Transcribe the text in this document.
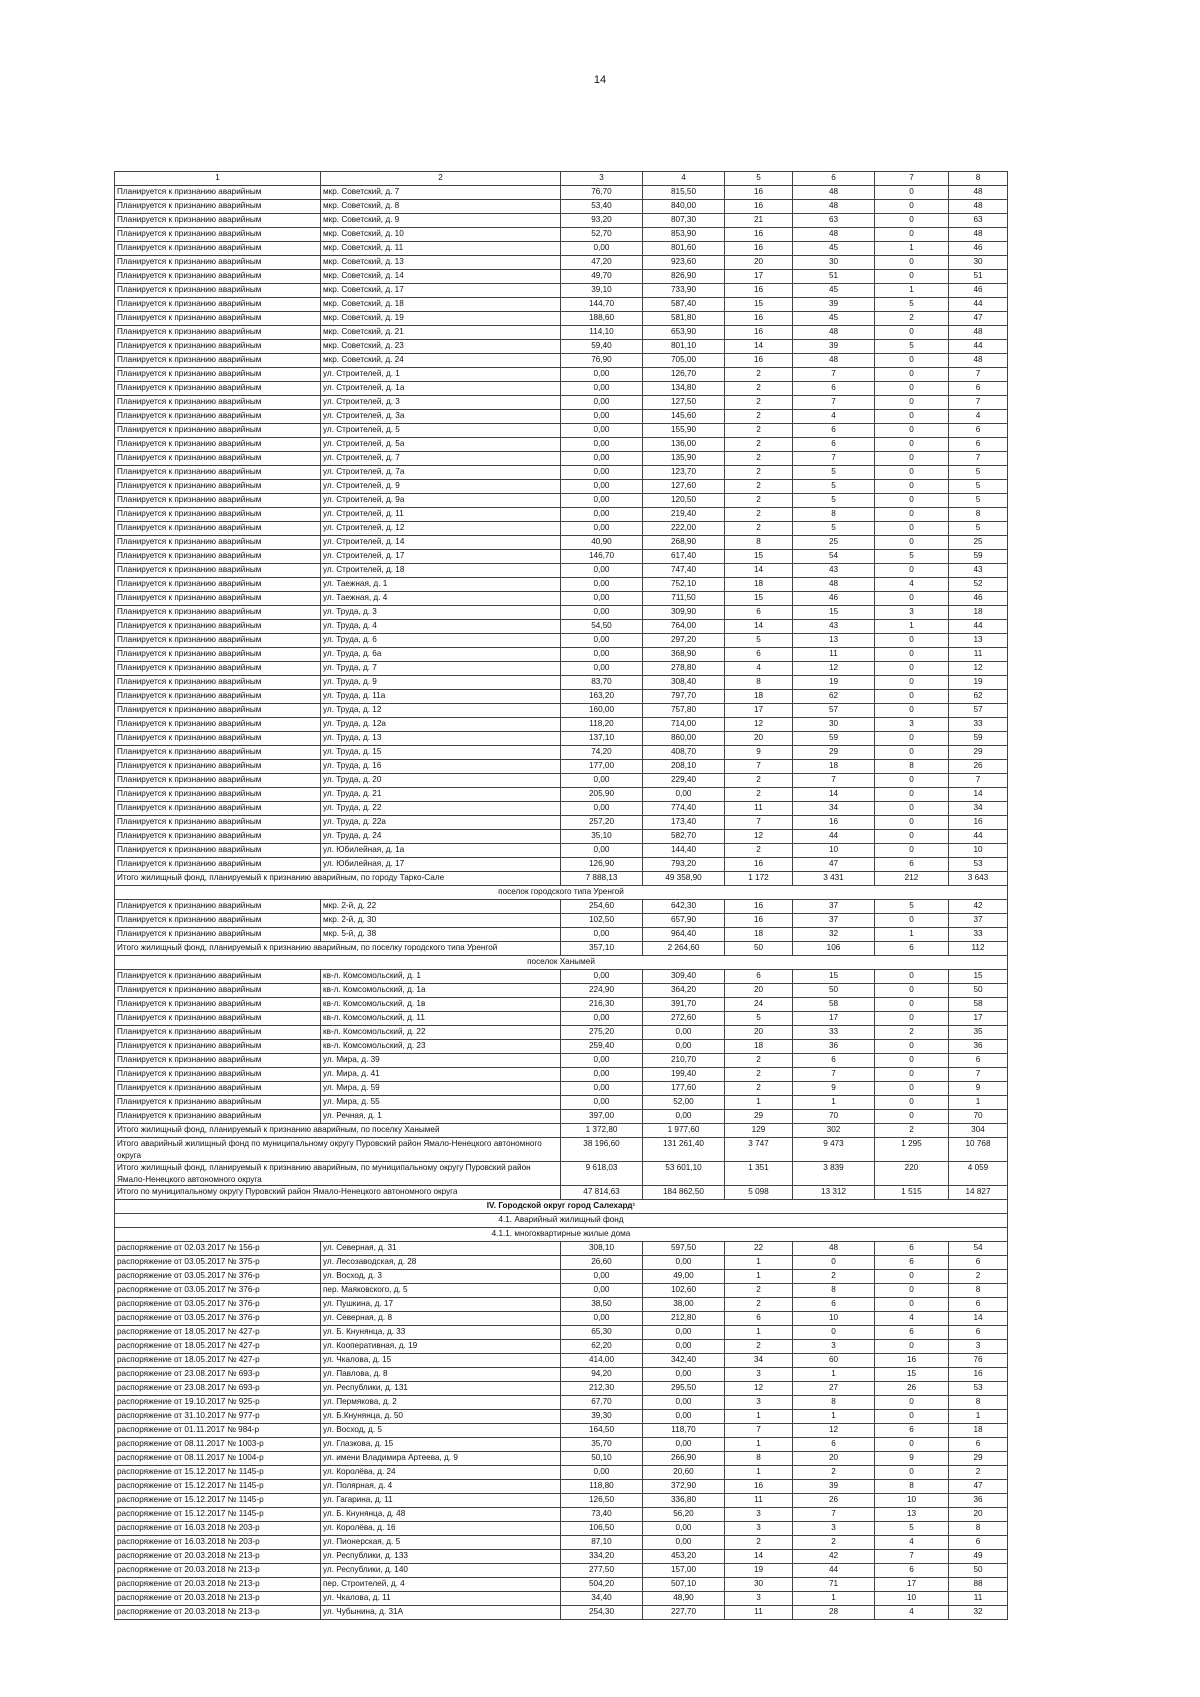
14
1	2	3	4	5	6	7	8
Планируется к признанию аварийным	мкр. Советский, д. 7	76,70	815,50	16	48	0	48
Планируется к признанию аварийным	мкр. Советский, д. 8	53,40	840,00	16	48	0	48
Планируется к признанию аварийным	мкр. Советский, д. 9	93,20	807,30	21	63	0	63
Планируется к признанию аварийным	мкр. Советский, д. 10	52,70	853,90	16	48	0	48
Планируется к признанию аварийным	мкр. Советский, д. 11	0,00	801,60	16	45	1	46
Планируется к признанию аварийным	мкр. Советский, д. 13	47,20	923,60	20	30	0	30
Планируется к признанию аварийным	мкр. Советский, д. 14	49,70	826,90	17	51	0	51
Планируется к признанию аварийным	мкр. Советский, д. 17	39,10	733,90	16	45	1	46
Планируется к признанию аварийным	мкр. Советский, д. 18	144,70	587,40	15	39	5	44
Планируется к признанию аварийным	мкр. Советский, д. 19	188,60	581,80	16	45	2	47
Планируется к признанию аварийным	мкр. Советский, д. 21	114,10	653,90	16	48	0	48
Планируется к признанию аварийным	мкр. Советский, д. 23	59,40	801,10	14	39	5	44
Планируется к признанию аварийным	мкр. Советский, д. 24	76,90	705,00	16	48	0	48
Планируется к признанию аварийным	ул. Строителей, д. 1	0,00	126,70	2	7	0	7
Планируется к признанию аварийным	ул. Строителей, д. 1а	0,00	134,80	2	6	0	6
Планируется к признанию аварийным	ул. Строителей, д. 3	0,00	127,50	2	7	0	7
Планируется к признанию аварийным	ул. Строителей, д. 3а	0,00	145,60	2	4	0	4
Планируется к признанию аварийным	ул. Строителей, д. 5	0,00	155,90	2	6	0	6
Планируется к признанию аварийным	ул. Строителей, д. 5а	0,00	136,00	2	6	0	6
Планируется к признанию аварийным	ул. Строителей, д. 7	0,00	135,90	2	7	0	7
Планируется к признанию аварийным	ул. Строителей, д. 7а	0,00	123,70	2	5	0	5
Планируется к признанию аварийным	ул. Строителей, д. 9	0,00	127,60	2	5	0	5
Планируется к признанию аварийным	ул. Строителей, д. 9а	0,00	120,50	2	5	0	5
Планируется к признанию аварийным	ул. Строителей, д. 11	0,00	219,40	2	8	0	8
Планируется к признанию аварийным	ул. Строителей, д. 12	0,00	222,00	2	5	0	5
Планируется к признанию аварийным	ул. Строителей, д. 14	40,90	268,90	8	25	0	25
Планируется к признанию аварийным	ул. Строителей, д. 17	146,70	617,40	15	54	5	59
Планируется к признанию аварийным	ул. Строителей, д. 18	0,00	747,40	14	43	0	43
Планируется к признанию аварийным	ул. Таежная, д. 1	0,00	752,10	18	48	4	52
Планируется к признанию аварийным	ул. Таежная, д. 4	0,00	711,50	15	46	0	46
Планируется к признанию аварийным	ул. Труда, д. 3	0,00	309,90	6	15	3	18
Планируется к признанию аварийным	ул. Труда, д. 4	54,50	764,00	14	43	1	44
Планируется к признанию аварийным	ул. Труда, д. 6	0,00	297,20	5	13	0	13
Планируется к признанию аварийным	ул. Труда, д. 6а	0,00	368,90	6	11	0	11
Планируется к признанию аварийным	ул. Труда, д. 7	0,00	278,80	4	12	0	12
Планируется к признанию аварийным	ул. Труда, д. 9	83,70	308,40	8	19	0	19
Планируется к признанию аварийным	ул. Труда, д. 11а	163,20	797,70	18	62	0	62
Планируется к признанию аварийным	ул. Труда, д. 12	160,00	757,80	17	57	0	57
Планируется к признанию аварийным	ул. Труда, д. 12а	118,20	714,00	12	30	3	33
Планируется к признанию аварийным	ул. Труда, д. 13	137,10	860,00	20	59	0	59
Планируется к признанию аварийным	ул. Труда, д. 15	74,20	408,70	9	29	0	29
Планируется к признанию аварийным	ул. Труда, д. 16	177,00	208,10	7	18	8	26
Планируется к признанию аварийным	ул. Труда, д. 20	0,00	229,40	2	7	0	7
Планируется к признанию аварийным	ул. Труда, д. 21	205,90	0,00	2	14	0	14
Планируется к признанию аварийным	ул. Труда, д. 22	0,00	774,40	11	34	0	34
Планируется к признанию аварийным	ул. Труда, д. 22а	257,20	173,40	7	16	0	16
Планируется к признанию аварийным	ул. Труда, д. 24	35,10	582,70	12	44	0	44
Планируется к признанию аварийным	ул. Юбилейная, д. 1а	0,00	144,40	2	10	0	10
Планируется к признанию аварийным	ул. Юбилейная, д. 17	126,90	793,20	16	47	6	53
Итого жилищный фонд, планируемый к признанию аварийным, по городу Тарко-Сале		7 888,13	49 358,90	1 172	3 431	212	3 643
поселок городского типа Уренгой							
Планируется к признанию аварийным	мкр. 2-й, д. 22	254,60	642,30	16	37	5	42
Планируется к признанию аварийным	мкр. 2-й, д. 30	102,50	657,90	16	37	0	37
Планируется к признанию аварийным	мкр. 5-й, д. 38	0,00	964,40	18	32	1	33
Итого жилищный фонд, планируемый к признанию аварийным, по поселку городского типа Уренгой		357,10	2 264,60	50	106	6	112
поселок Ханымей							
Планируется к признанию аварийным	кв-л. Комсомольский, д. 1	0,00	309,40	6	15	0	15
Планируется к признанию аварийным	кв-л. Комсомольский, д. 1а	224,90	364,20	20	50	0	50
Планируется к признанию аварийным	кв-л. Комсомольский, д. 1в	216,30	391,70	24	58	0	58
Планируется к признанию аварийным	кв-л. Комсомольский, д. 11	0,00	272,60	5	17	0	17
Планируется к признанию аварийным	кв-л. Комсомольский, д. 22	275,20	0,00	20	33	2	35
Планируется к признанию аварийным	кв-л. Комсомольский, д. 23	259,40	0,00	18	36	0	36
Планируется к признанию аварийным	ул. Мира, д. 39	0,00	210,70	2	6	0	6
Планируется к признанию аварийным	ул. Мира, д. 41	0,00	199,40	2	7	0	7
Планируется к признанию аварийным	ул. Мира, д. 59	0,00	177,60	2	9	0	9
Планируется к признанию аварийным	ул. Мира, д. 55	0,00	52,00	1	1	0	1
Планируется к признанию аварийным	ул. Речная, д. 1	397,00	0,00	29	70	0	70
Итого жилищный фонд, планируемый к признанию аварийным, по поселку Ханымей		1 372,80	1 977,60	129	302	2	304
Итого аварийный жилищный фонд по муниципальному округу Пуровский район Ямало-Ненецкого автономного округа		38 196,60	131 261,40	3 747	9 473	1 295	10 768
Итого жилищный фонд, планируемый к признанию аварийным, по муниципальному округу Пуровский район Ямало-Ненецкого автономного округа		9 618,03	53 601,10	1 351	3 839	220	4 059
Итого по муниципальному округу Пуровский район Ямало-Ненецкого автономного округа		47 814,63	184 862,50	5 098	13 312	1 515	14 827
IV. Городской округ город Салехард¹							
4.1. Аварийный жилищный фонд							
4.1.1. многоквартирные жилые дома							
распоряжение от 02.03.2017 № 156-р	ул. Северная, д. 31	308,10	597,50	22	48	6	54
распоряжение от 03.05.2017 № 375-р	ул. Лесозаводская, д. 28	26,60	0,00	1	0	6	6
распоряжение от 03.05.2017 № 376-р	ул. Восход, д. 3	0,00	49,00	1	2	0	2
распоряжение от 03.05.2017 № 376-р	пер. Маяковского, д. 5	0,00	102,60	2	8	0	8
распоряжение от 03.05.2017 № 376-р	ул. Пушкина, д. 17	38,50	38,00	2	6	0	6
распоряжение от 03.05.2017 № 376-р	ул. Северная, д. 8	0,00	212,80	6	10	4	14
распоряжение от 18.05.2017 № 427-р	ул. Б. Кнунянца, д. 33	65,30	0,00	1	0	6	6
распоряжение от 18.05.2017 № 427-р	ул. Кооперативная, д. 19	62,20	0,00	2	3	0	3
распоряжение от 18.05.2017 № 427-р	ул. Чкалова, д. 15	414,00	342,40	34	60	16	76
распоряжение от 23.08.2017 № 693-р	ул. Павлова, д. 8	94,20	0,00	3	1	15	16
распоряжение от 23.08.2017 № 693-р	ул. Республики, д. 131	212,30	295,50	12	27	26	53
распоряжение от 19.10.2017 № 925-р	ул. Пермякова, д. 2	67,70	0,00	3	8	0	8
распоряжение от 31.10.2017 № 977-р	ул. Б.Кнунянца, д. 50	39,30	0,00	1	1	0	1
распоряжение от 01.11.2017 № 984-р	ул. Восход, д. 5	164,50	118,70	7	12	6	18
распоряжение от 08.11.2017 № 1003-р	ул. Глазкова, д. 15	35,70	0,00	1	6	0	6
распоряжение от 08.11.2017 № 1004-р	ул. имени Владимира Артеева, д. 9	50,10	266,90	8	20	9	29
распоряжение от 15.12.2017 № 1145-р	ул. Королёва, д. 24	0,00	20,60	1	2	0	2
распоряжение от 15.12.2017 № 1145-р	ул. Полярная, д. 4	118,80	372,90	16	39	8	47
распоряжение от 15.12.2017 № 1145-р	ул. Гагарина, д. 11	126,50	336,80	11	26	10	36
распоряжение от 15.12.2017 № 1145-р	ул. Б. Кнунянца, д. 48	73,40	56,20	3	7	13	20
распоряжение от 16.03.2018 № 203-р	ул. Королёва, д. 16	106,50	0,00	3	3	5	8
распоряжение от 16.03.2018 № 203-р	ул. Пионерская, д. 5	87,10	0,00	2	2	4	6
распоряжение от 20.03.2018 № 213-р	ул. Республики, д. 133	334,20	453,20	14	42	7	49
распоряжение от 20.03.2018 № 213-р	ул. Республики, д. 140	277,50	157,00	19	44	6	50
распоряжение от 20.03.2018 № 213-р	пер. Строителей, д. 4	504,20	507,10	30	71	17	88
распоряжение от 20.03.2018 № 213-р	ул. Чкалова, д. 11	34,40	48,90	3	1	10	11
распоряжение от 20.03.2018 № 213-р	ул. Чубынина, д. 31А	254,30	227,70	11	28	4	32
